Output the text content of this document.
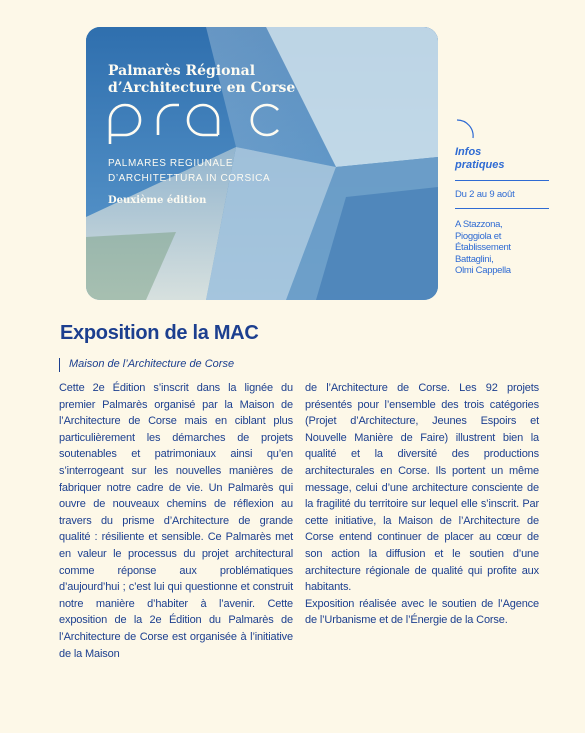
Palmarès Régional
d’Architecture en Corse
PALMARES REGIUNALE
D’ARCHITETTURA IN CORSICA
Deuxième édition
Infos
pratiques
Du 2 au 9 août
A Stazzona,
Pioggiola et
Établissement
Battaglini,
Olmi Cappella
Exposition de la MAC
Maison de l’Architecture de Corse

Cette 2e Édition s’inscrit dans la lignée du premier Palmarès organisé par la Maison de l’Architecture de Corse mais en ciblant plus particulièrement les démarches de projets soutenables et patrimoniaux ainsi qu’en s’interrogeant sur les nouvelles manières de fabriquer notre cadre de vie. Un Palmarès qui ouvre de nouveaux chemins de réflexion au travers du prisme d’Architecture de grande qualité : résiliente et sensible. Ce Palmarès met en valeur le processus du projet architectural comme réponse aux problématiques d’aujourd’hui ; c’est lui qui questionne et construit notre manière d’habiter à l’avenir. Cette exposition de la 2e Édition du Palmarès de l’Architecture de Corse est organisée à l’initiative de la Maison

de l’Architecture de Corse. Les 92 projets présentés pour l’ensemble des trois catégories (Projet d’Architecture, Jeunes Espoirs et Nouvelle Manière de Faire) illustrent bien la qualité et la diversité des productions architecturales en Corse. Ils portent un même message, celui d’une architecture consciente de la fragilité du territoire sur lequel elle s’inscrit. Par cette initiative, la Maison de l’Architecture de Corse entend continuer de placer au cœur de son action la diffusion et le soutien d’une architecture régionale de qualité qui profite aux habitants.

Exposition réalisée avec le soutien de l’Agence de l’Urbanisme et de l’Énergie de la Corse.
